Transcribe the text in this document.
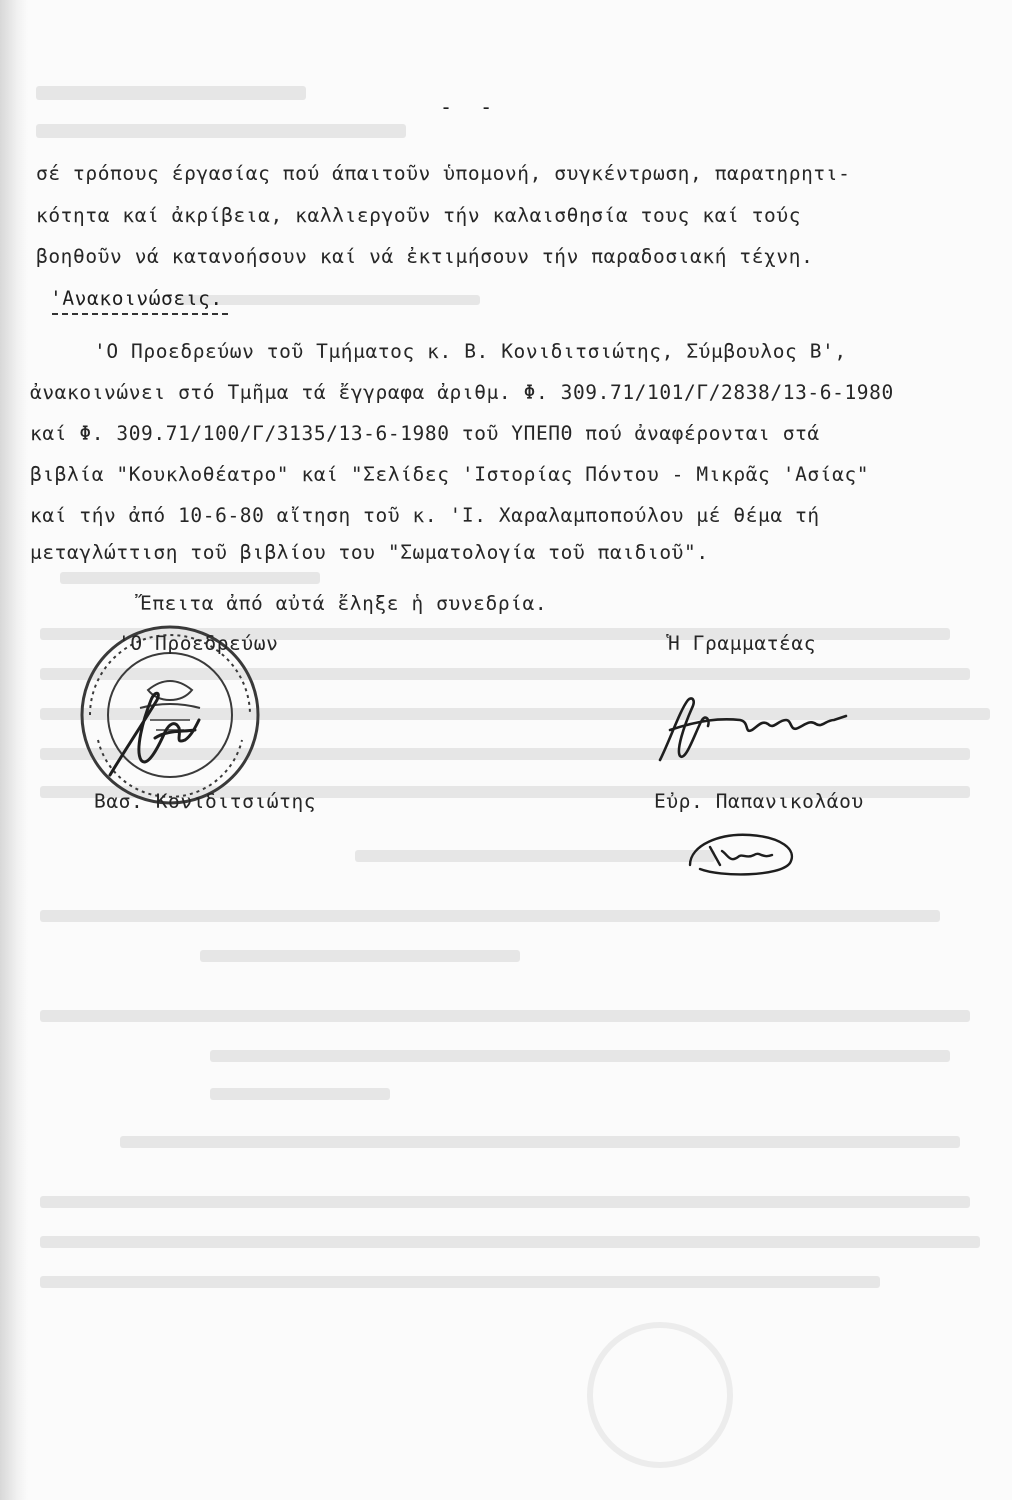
- -
σέ τρόπους έργασίας πού άπαιτοῦν ὑπομονή, συγκέντρωση, παρατηρητι-
κότητα καί ἀκρίβεια, καλλιεργοῦν τήν καλαισθησία τους καί τούς
βοηθοῦν νά κατανοήσουν καί νά ἐκτιμήσουν τήν παραδοσιακή τέχνη.
'Ανακοινώσεις.
'Ο Προεδρεύων τοῦ Τμήματος κ. Β. Κονιδιτσιώτης, Σύμβουλος Β',
ἀνακοινώνει στό Τμῆμα τά ἔγγραφα ἀριθμ. Φ. 309.71/101/Γ/2838/13-6-1980
καί Φ. 309.71/100/Γ/3135/13-6-1980 τοῦ ΥΠΕΠΘ πού ἀναφέρονται στά
βιβλία "Κουκλοθέατρο" καί "Σελίδες 'Ιστορίας Πόντου - Μικρᾶς 'Ασίας"
καί τήν ἀπό 10-6-80 αἴτηση τοῦ κ. 'Ι. Χαραλαμποπούλου μέ θέμα τή
μεταγλώττιση τοῦ βιβλίου του "Σωματολογία τοῦ παιδιοῦ".
Ἔπειτα ἀπό αὐτά ἔληξε ἡ συνεδρία.
'Ο Προεδρεύων
Βασ. Κονιδιτσιώτης
Ἡ Γραμματέας
Εὐρ. Παπανικολάου
